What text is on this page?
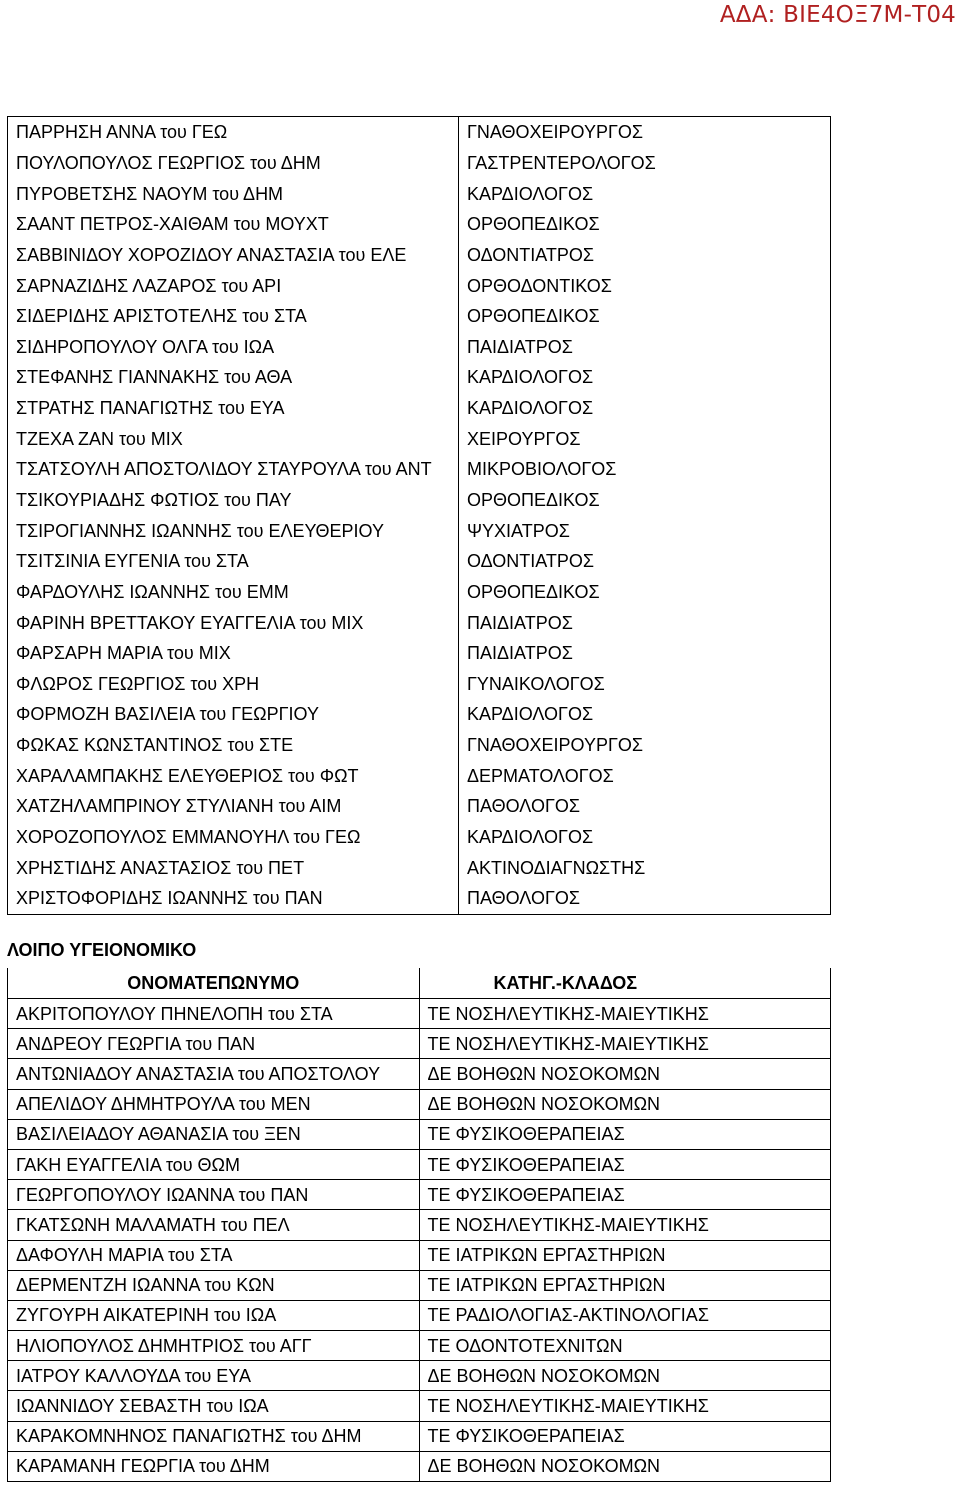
ΑΔΑ: ΒΙΕ4ΟΞ7Μ-Τ04
ΠΑΡΡΗΣΗ ΑΝΝΑ του ΓΕΩ	ΓΝΑΘΟΧΕΙΡΟΥΡΓΟΣ
ΠΟΥΛΟΠΟΥΛΟΣ ΓΕΩΡΓΙΟΣ του ΔΗΜ	ΓΑΣΤΡΕΝΤΕΡΟΛΟΓΟΣ
ΠΥΡΟΒΕΤΣΗΣ ΝΑΟΥΜ του ΔΗΜ	ΚΑΡΔΙΟΛΟΓΟΣ
ΣΑΑΝΤ ΠΕΤΡΟΣ-ΧΑΙΘΑΜ του ΜΟΥΧΤ	ΟΡΘΟΠΕΔΙΚΟΣ
ΣΑΒΒΙΝΙΔΟΥ ΧΟΡΟΖΙΔΟΥ ΑΝΑΣΤΑΣΙΑ του ΕΛΕ	ΟΔΟΝΤΙΑΤΡΟΣ
ΣΑΡΝΑΖΙΔΗΣ ΛΑΖΑΡΟΣ του ΑΡΙ	ΟΡΘΟΔΟΝΤΙΚΟΣ
ΣΙΔΕΡΙΔΗΣ ΑΡΙΣΤΟΤΕΛΗΣ του ΣΤΑ	ΟΡΘΟΠΕΔΙΚΟΣ
ΣΙΔΗΡΟΠΟΥΛΟΥ ΟΛΓΑ του ΙΩΑ	ΠΑΙΔΙΑΤΡΟΣ
ΣΤΕΦΑΝΗΣ ΓΙΑΝΝΑΚΗΣ του ΑΘΑ	ΚΑΡΔΙΟΛΟΓΟΣ
ΣΤΡΑΤΗΣ ΠΑΝΑΓΙΩΤΗΣ του ΕΥΑ	ΚΑΡΔΙΟΛΟΓΟΣ
ΤΖΕΧΑ ΖΑΝ του ΜΙΧ	ΧΕΙΡΟΥΡΓΟΣ
ΤΣΑΤΣΟΥΛΗ ΑΠΟΣΤΟΛΙΔΟΥ ΣΤΑΥΡΟΥΛΑ του ΑΝΤ	ΜΙΚΡΟΒΙΟΛΟΓΟΣ
ΤΣΙΚΟΥΡΙΑΔΗΣ ΦΩΤΙΟΣ του ΠΑΥ	ΟΡΘΟΠΕΔΙΚΟΣ
ΤΣΙΡΟΓΙΑΝΝΗΣ ΙΩΑΝΝΗΣ του ΕΛΕΥΘΕΡΙΟΥ	ΨΥΧΙΑΤΡΟΣ
ΤΣΙΤΣΙΝΙΑ ΕΥΓΕΝΙΑ του ΣΤΑ	ΟΔΟΝΤΙΑΤΡΟΣ
ΦΑΡΔΟΥΛΗΣ ΙΩΑΝΝΗΣ του ΕΜΜ	ΟΡΘΟΠΕΔΙΚΟΣ
ΦΑΡΙΝΗ ΒΡΕΤΤΑΚΟΥ ΕΥΑΓΓΕΛΙΑ του ΜΙΧ	ΠΑΙΔΙΑΤΡΟΣ
ΦΑΡΣΑΡΗ ΜΑΡΙΑ του ΜΙΧ	ΠΑΙΔΙΑΤΡΟΣ
ΦΛΩΡΟΣ ΓΕΩΡΓΙΟΣ του ΧΡΗ	ΓΥΝΑΙΚΟΛΟΓΟΣ
ΦΟΡΜΟΖΗ ΒΑΣΙΛΕΙΑ του ΓΕΩΡΓΙΟΥ	ΚΑΡΔΙΟΛΟΓΟΣ
ΦΩΚΑΣ ΚΩΝΣΤΑΝΤΙΝΟΣ του ΣΤΕ	ΓΝΑΘΟΧΕΙΡΟΥΡΓΟΣ
ΧΑΡΑΛΑΜΠΑΚΗΣ ΕΛΕΥΘΕΡΙΟΣ του ΦΩΤ	ΔΕΡΜΑΤΟΛΟΓΟΣ
ΧΑΤΖΗΛΑΜΠΡΙΝΟΥ ΣΤΥΛΙΑΝΗ του ΑΙΜ	ΠΑΘΟΛΟΓΟΣ
ΧΟΡΟΖΟΠΟΥΛΟΣ ΕΜΜΑΝΟΥΗΛ του ΓΕΩ	ΚΑΡΔΙΟΛΟΓΟΣ
ΧΡΗΣΤΙΔΗΣ ΑΝΑΣΤΑΣΙΟΣ του ΠΕΤ	ΑΚΤΙΝΟΔΙΑΓΝΩΣΤΗΣ
ΧΡΙΣΤΟΦΟΡΙΔΗΣ ΙΩΑΝΝΗΣ του ΠΑΝ	ΠΑΘΟΛΟΓΟΣ
ΛΟΙΠΟ ΥΓΕΙΟΝΟΜΙΚΟ
ΟΝΟΜΑΤΕΠΩΝΥΜΟ	ΚΑΤΗΓ.-ΚΛΑΔΟΣ
ΑΚΡΙΤΟΠΟΥΛΟΥ ΠΗΝΕΛΟΠΗ του ΣΤΑ	ΤΕ ΝΟΣΗΛΕΥΤΙΚΗΣ-ΜΑΙΕΥΤΙΚΗΣ
ΑΝΔΡΕΟΥ ΓΕΩΡΓΙΑ του ΠΑΝ	ΤΕ ΝΟΣΗΛΕΥΤΙΚΗΣ-ΜΑΙΕΥΤΙΚΗΣ
ΑΝΤΩΝΙΑΔΟΥ ΑΝΑΣΤΑΣΙΑ του ΑΠΟΣΤΟΛΟΥ	ΔΕ ΒΟΗΘΩΝ ΝΟΣΟΚΟΜΩΝ
ΑΠΕΛΙΔΟΥ ΔΗΜΗΤΡΟΥΛΑ του ΜΕΝ	ΔΕ ΒΟΗΘΩΝ ΝΟΣΟΚΟΜΩΝ
ΒΑΣΙΛΕΙΑΔΟΥ ΑΘΑΝΑΣΙΑ του ΞΕΝ	ΤΕ ΦΥΣΙΚΟΘΕΡΑΠΕΙΑΣ
ΓΑΚΗ ΕΥΑΓΓΕΛΙΑ του ΘΩΜ	ΤΕ ΦΥΣΙΚΟΘΕΡΑΠΕΙΑΣ
ΓΕΩΡΓΟΠΟΥΛΟΥ ΙΩΑΝΝΑ του ΠΑΝ	ΤΕ ΦΥΣΙΚΟΘΕΡΑΠΕΙΑΣ
ΓΚΑΤΣΩΝΗ ΜΑΛΑΜΑΤΗ του ΠΕΛ	ΤΕ ΝΟΣΗΛΕΥΤΙΚΗΣ-ΜΑΙΕΥΤΙΚΗΣ
ΔΑΦΟΥΛΗ ΜΑΡΙΑ του ΣΤΑ	ΤΕ ΙΑΤΡΙΚΩΝ ΕΡΓΑΣΤΗΡΙΩΝ
ΔΕΡΜΕΝΤΖΗ ΙΩΑΝΝΑ του ΚΩΝ	ΤΕ ΙΑΤΡΙΚΩΝ ΕΡΓΑΣΤΗΡΙΩΝ
ΖΥΓΟΥΡΗ ΑΙΚΑΤΕΡΙΝΗ του ΙΩΑ	ΤΕ ΡΑΔΙΟΛΟΓΙΑΣ-ΑΚΤΙΝΟΛΟΓΙΑΣ
ΗΛΙΟΠΟΥΛΟΣ ΔΗΜΗΤΡΙΟΣ του ΑΓΓ	ΤΕ ΟΔΟΝΤΟΤΕΧΝΙΤΩΝ
ΙΑΤΡΟΥ ΚΑΛΛΟΥΔΑ του ΕΥΑ	ΔΕ ΒΟΗΘΩΝ ΝΟΣΟΚΟΜΩΝ
ΙΩΑΝΝΙΔΟΥ ΣΕΒΑΣΤΗ του ΙΩΑ	ΤΕ ΝΟΣΗΛΕΥΤΙΚΗΣ-ΜΑΙΕΥΤΙΚΗΣ
ΚΑΡΑΚΟΜΝΗΝΟΣ ΠΑΝΑΓΙΩΤΗΣ του ΔΗΜ	ΤΕ ΦΥΣΙΚΟΘΕΡΑΠΕΙΑΣ
ΚΑΡΑΜΑΝΗ ΓΕΩΡΓΙΑ του ΔΗΜ	ΔΕ ΒΟΗΘΩΝ ΝΟΣΟΚΟΜΩΝ
